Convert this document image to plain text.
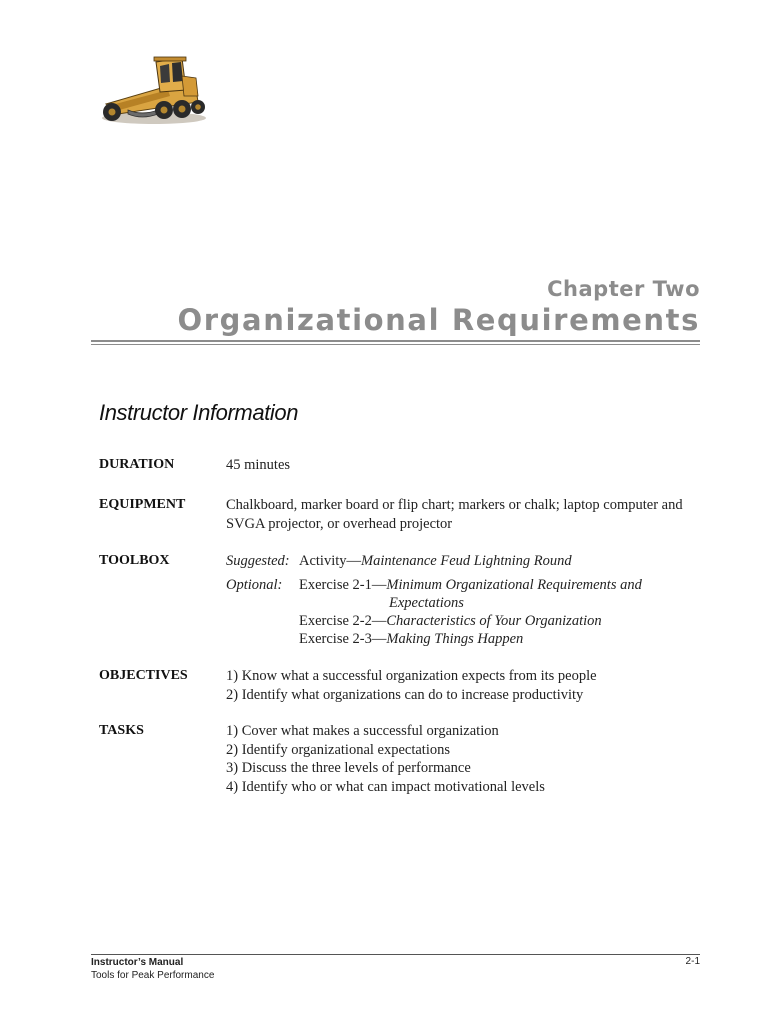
Chapter Two
Organizational Requirements
Instructor Information
DURATION	45 minutes
EQUIPMENT	Chalkboard, marker board or flip chart; markers or chalk; laptop computer and
SVGA projector, or overhead projector
TOOLBOX	Suggested: Activity—Maintenance Feud Lightning Round
Optional: Exercise 2-1—Minimum Organizational Requirements and
Expectations
Exercise 2-2—Characteristics of Your Organization
Exercise 2-3—Making Things Happen
OBJECTIVES	1) Know what a successful organization expects from its people
2) Identify what organizations can do to increase productivity
TASKS	1) Cover what makes a successful organization
2) Identify organizational expectations
3) Discuss the three levels of performance
4) Identify who or what can impact motivational levels
Instructor’s Manual
Tools for Peak Performance
2-1
